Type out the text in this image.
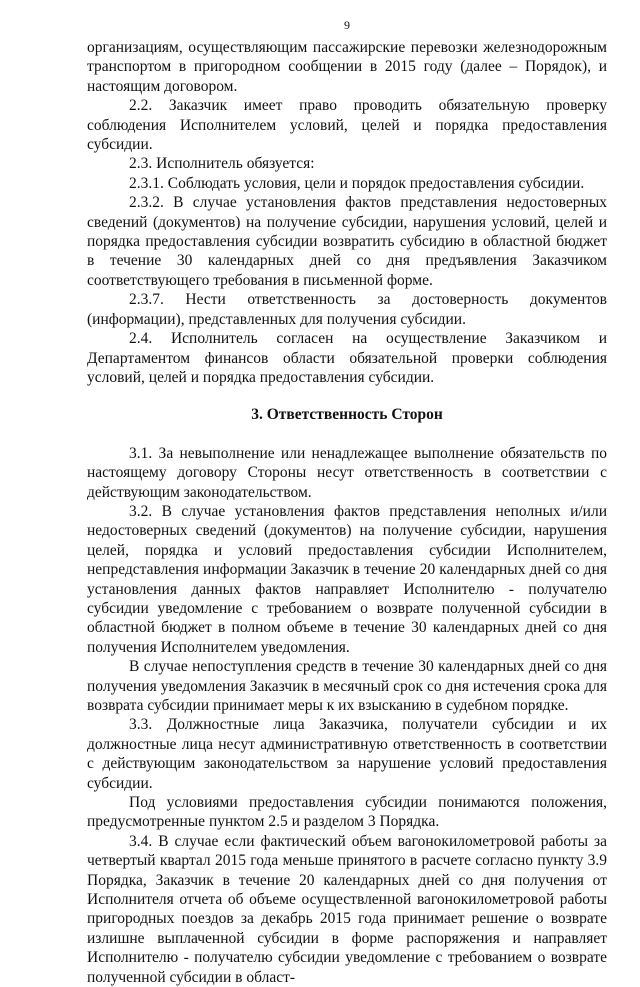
9

организациям, осуществляющим пассажирские перевозки железнодорожным транспортом в пригородном сообщении в 2015 году (далее – Порядок), и настоящим договором.

2.2. Заказчик имеет право проводить обязательную проверку соблюдения Исполнителем условий, целей и порядка предоставления субсидии.

2.3. Исполнитель обязуется:

2.3.1. Соблюдать условия, цели и порядок предоставления субсидии.

2.3.2. В случае установления фактов представления недостоверных сведений (документов) на получение субсидии, нарушения условий, целей и порядка предоставления субсидии возвратить субсидию в областной бюджет в течение 30 календарных дней со дня предъявления Заказчиком соответствующего требования в письменной форме.

2.3.7. Нести ответственность за достоверность документов (информации), представленных для получения субсидии.

2.4. Исполнитель согласен на осуществление Заказчиком и Департаментом финансов области обязательной проверки соблюдения условий, целей и порядка предоставления субсидии.

3. Ответственность Сторон

3.1. За невыполнение или ненадлежащее выполнение обязательств по настоящему договору Стороны несут ответственность в соответствии с действующим законодательством.

3.2. В случае установления фактов представления неполных и/или недостоверных сведений (документов) на получение субсидии, нарушения целей, порядка и условий предоставления субсидии Исполнителем, непредставления информации Заказчик в течение 20 календарных дней со дня установления данных фактов направляет Исполнителю - получателю субсидии уведомление с требованием о возврате полученной субсидии в областной бюджет в полном объеме в течение 30 календарных дней со дня получения Исполнителем уведомления.

В случае непоступления средств в течение 30 календарных дней со дня получения уведомления Заказчик в месячный срок со дня истечения срока для возврата субсидии принимает меры к их взысканию в судебном порядке.

3.3. Должностные лица Заказчика, получатели субсидии и их должностные лица несут административную ответственность в соответствии с действующим законодательством за нарушение условий предоставления субсидии.

Под условиями предоставления субсидии понимаются положения, предусмотренные пунктом 2.5 и разделом 3 Порядка.

3.4. В случае если фактический объем вагонокилометровой работы за четвертый квартал 2015 года меньше принятого в расчете согласно пункту 3.9 Порядка, Заказчик в течение 20 календарных дней со дня получения от Исполнителя отчета об объеме осуществленной вагонокилометровой работы пригородных поездов за декабрь 2015 года принимает решение о возврате излишне выплаченной субсидии в форме распоряжения и направляет Исполнителю - получателю субсидии уведомление с требованием о возврате полученной субсидии в област-
